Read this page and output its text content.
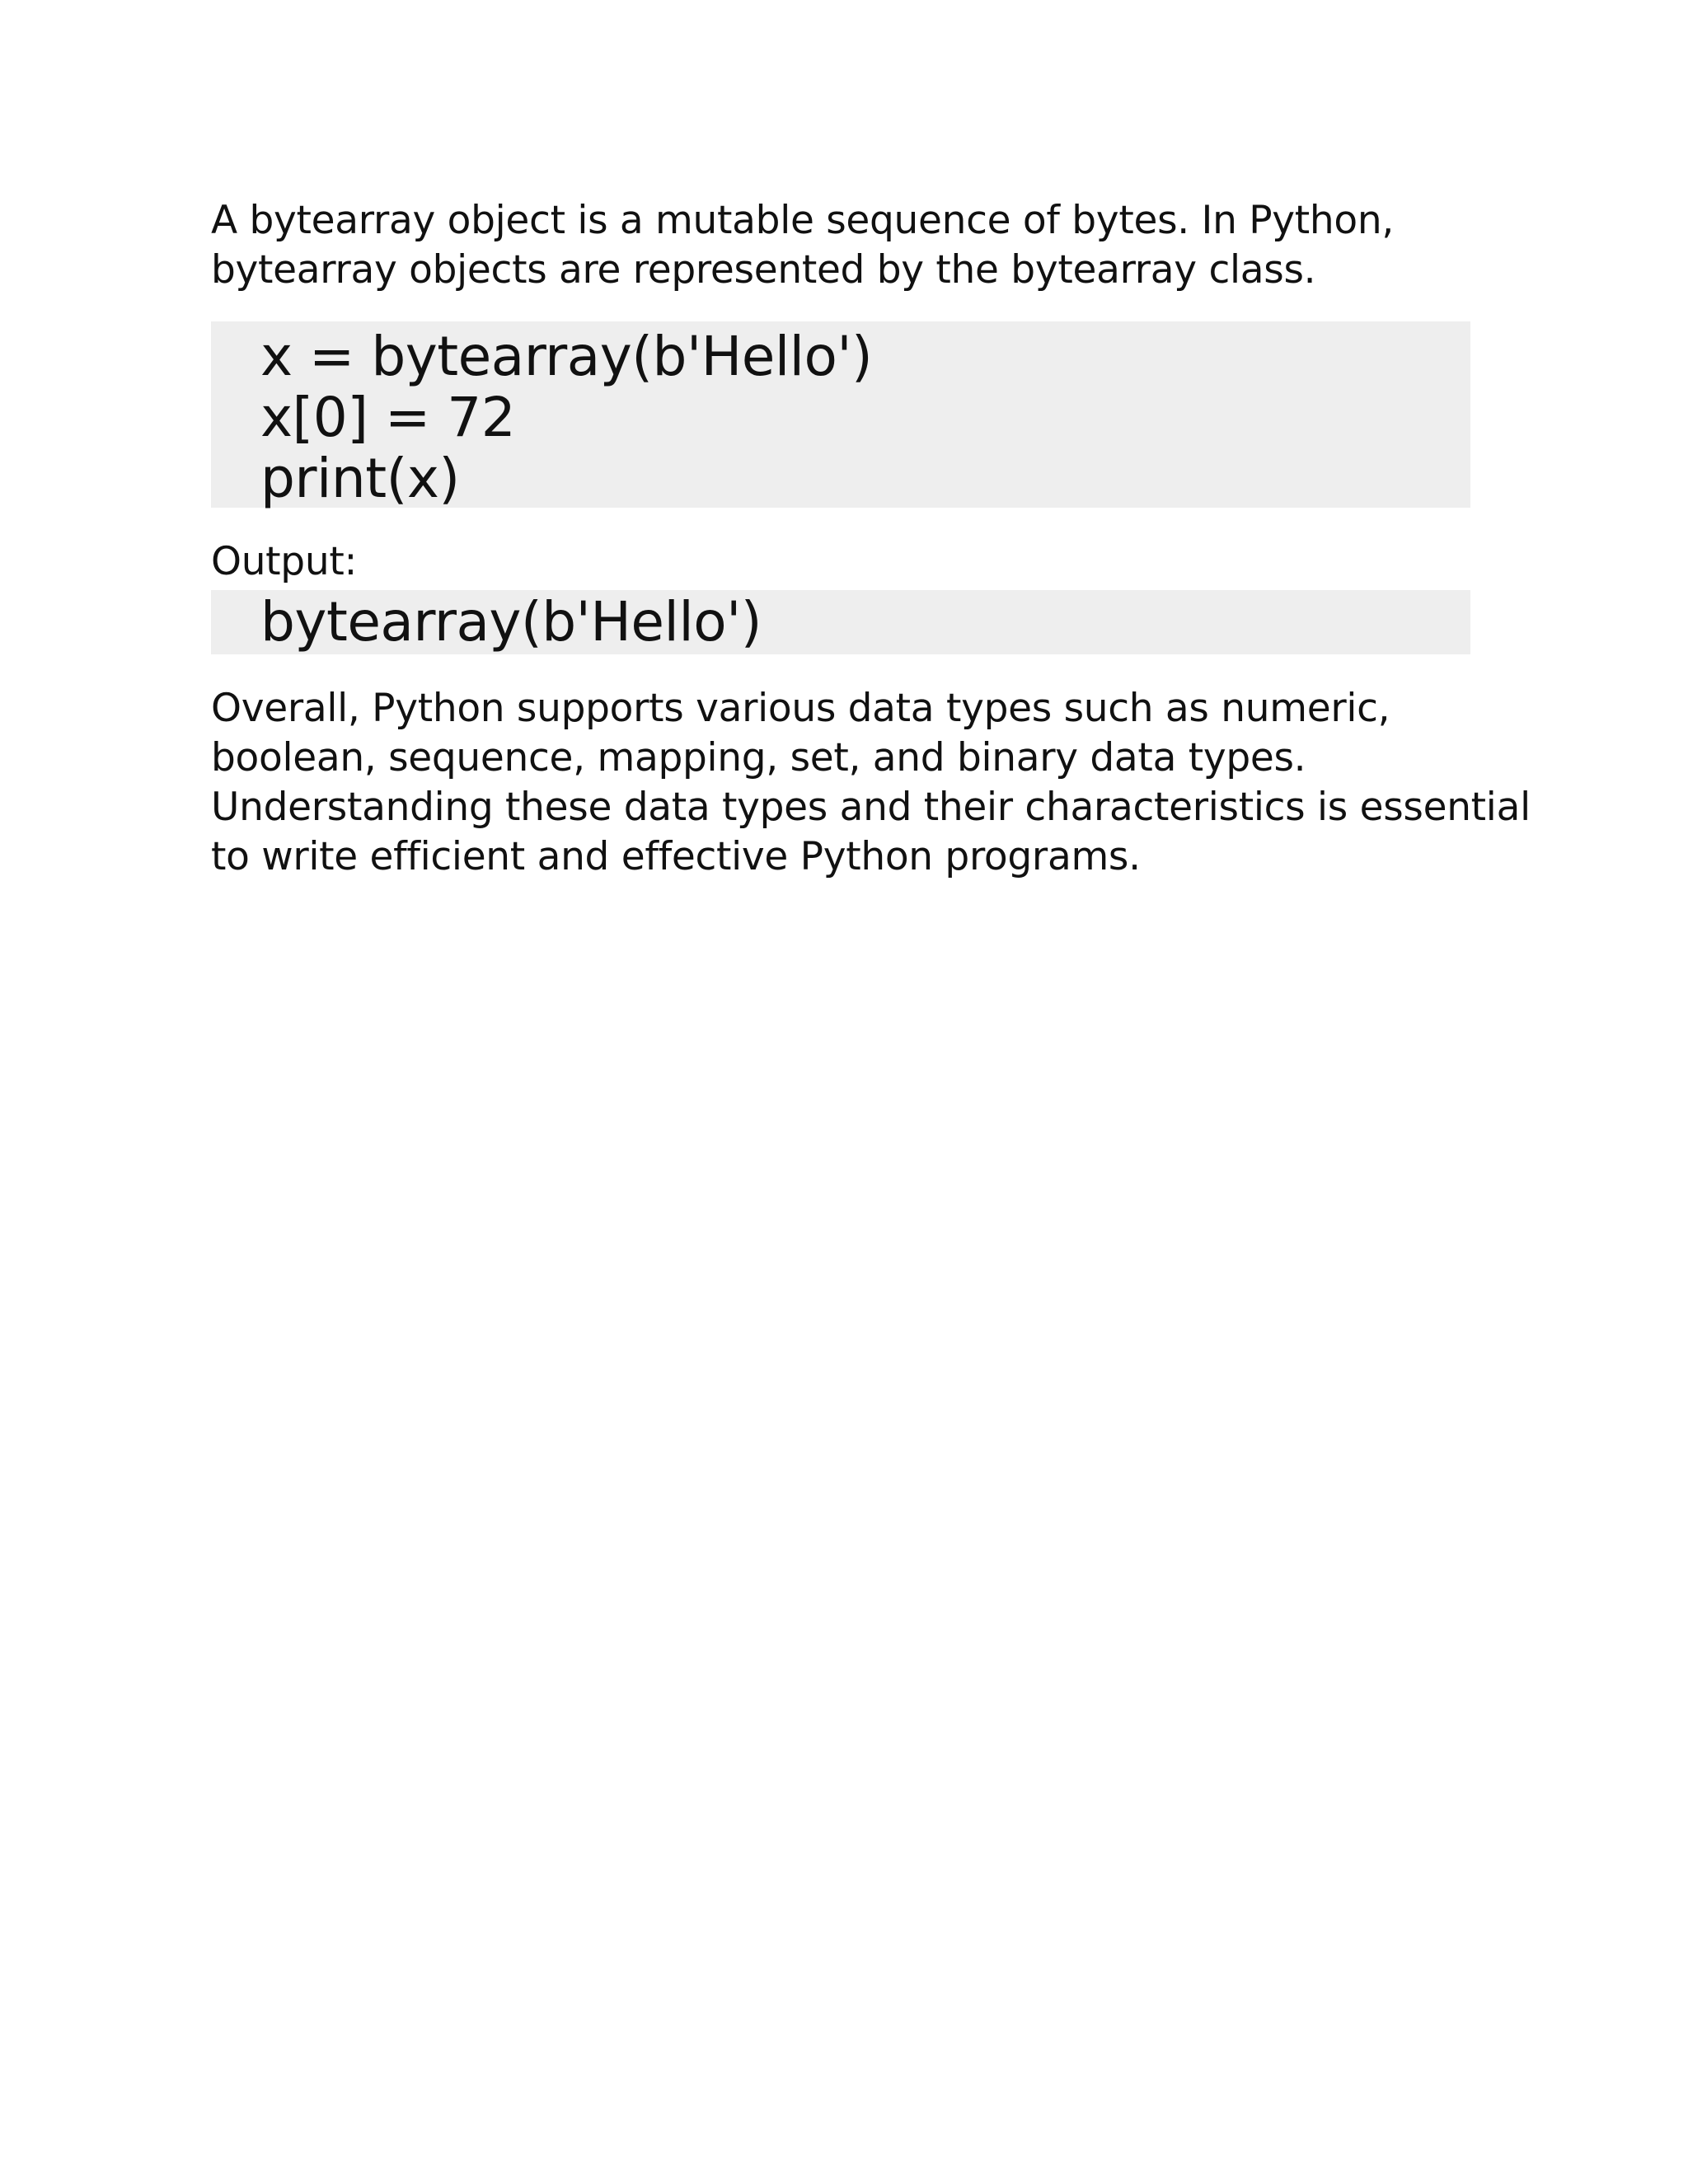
A bytearray object is a mutable sequence of bytes. In Python,
bytearray objects are represented by the bytearray class.

x = bytearray(b'Hello')
x[0] = 72
print(x)
Output:
bytearray(b'Hello')

Overall, Python supports various data types such as numeric,
boolean, sequence, mapping, set, and binary data types.
Understanding these data types and their characteristics is essential
to write efficient and effective Python programs.
